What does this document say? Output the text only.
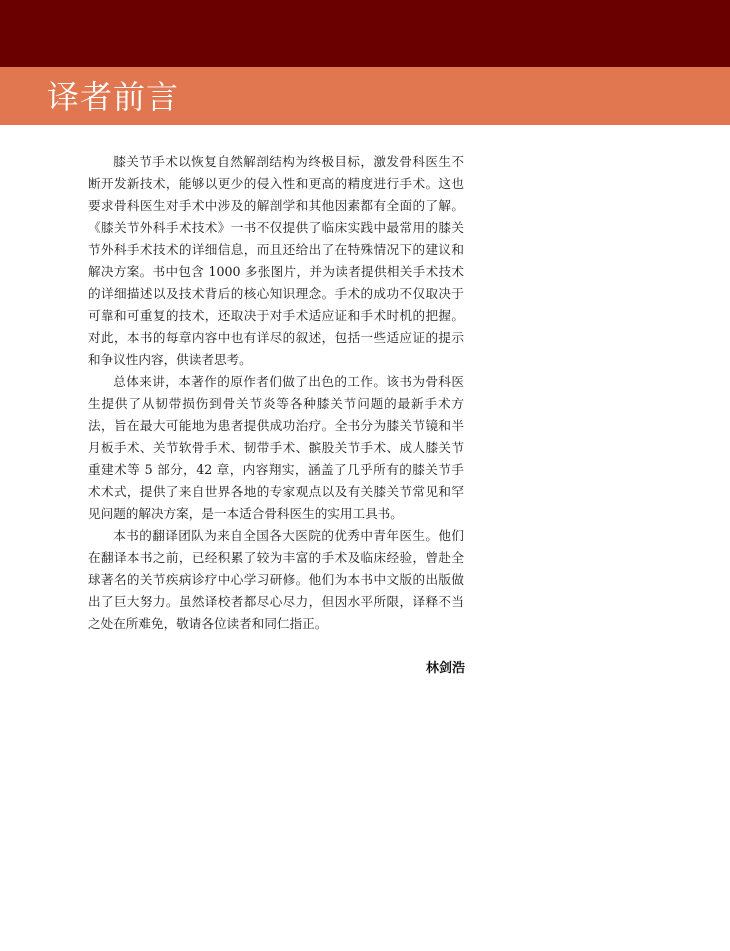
译者前言

膝关节手术以恢复自然解剖结构为终极目标，激发骨科医生不断开发新技术，能够以更少的侵入性和更高的精度进行手术。这也要求骨科医生对手术中涉及的解剖学和其他因素都有全面的了解。《膝关节外科手术技术》一书不仅提供了临床实践中最常用的膝关节外科手术技术的详细信息，而且还给出了在特殊情况下的建议和解决方案。书中包含 1000 多张图片，并为读者提供相关手术技术的详细描述以及技术背后的核心知识理念。手术的成功不仅取决于可靠和可重复的技术，还取决于对手术适应证和手术时机的把握。对此，本书的每章内容中也有详尽的叙述，包括一些适应证的提示和争议性内容，供读者思考。

总体来讲，本著作的原作者们做了出色的工作。该书为骨科医生提供了从韧带损伤到骨关节炎等各种膝关节问题的最新手术方法，旨在最大可能地为患者提供成功治疗。全书分为膝关节镜和半月板手术、关节软骨手术、韧带手术、髌股关节手术、成人膝关节重建术等 5 部分，42 章，内容翔实，涵盖了几乎所有的膝关节手术术式，提供了来自世界各地的专家观点以及有关膝关节常见和罕见问题的解决方案，是一本适合骨科医生的实用工具书。

本书的翻译团队为来自全国各大医院的优秀中青年医生。他们在翻译本书之前，已经积累了较为丰富的手术及临床经验，曾赴全球著名的关节疾病诊疗中心学习研修。他们为本书中文版的出版做出了巨大努力。虽然译校者都尽心尽力，但因水平所限，译释不当之处在所难免，敬请各位读者和同仁指正。

林剑浩
